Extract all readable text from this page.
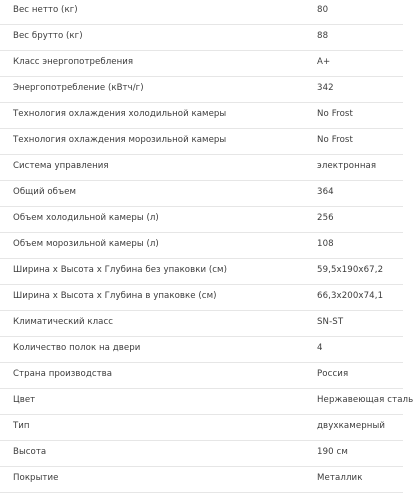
Вес нетто (кг)	80
Вес брутто (кг)	88
Класс энергопотребления	A+
Энергопотребление (кВтч/г)	342
Технология охлаждения холодильной камеры	No Frost
Технология охлаждения морозильной камеры	No Frost
Система управления	электронная
Общий объем	364
Объем холодильной камеры (л)	256
Объем морозильной камеры (л)	108
Ширина х Высота х Глубина без упаковки (см)	59,5x190x67,2
Ширина х Высота х Глубина в упаковке (см)	66,3x200x74,1
Климатический класс	SN-ST
Количество полок на двери	4
Страна производства	Россия
Цвет	Нержавеющая сталь
Тип	двухкамерный
Высота	190 см
Покрытие	Металлик
